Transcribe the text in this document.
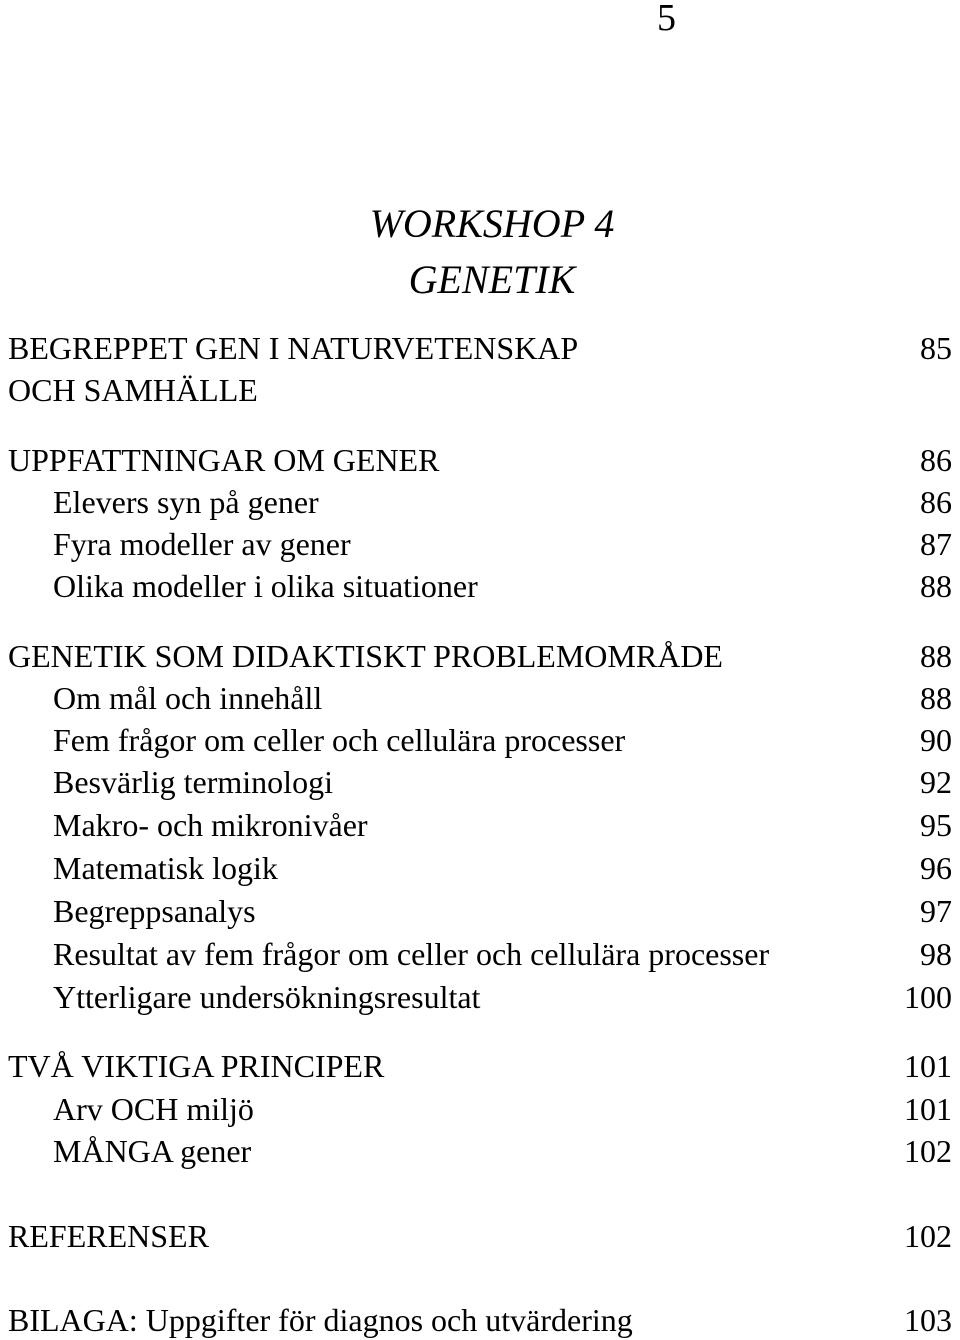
5
WORKSHOP 4
GENETIK
BEGREPPET GEN I NATURVETENSKAP	85
OCH SAMHÄLLE
UPPFATTNINGAR OM GENER	86
Elevers syn på gener	86
Fyra modeller av gener	87
Olika modeller i olika situationer	88
GENETIK SOM DIDAKTISKT PROBLEMOMRÅDE	88
Om mål och innehåll	88
Fem frågor om celler och cellulära processer	90
Besvärlig terminologi	92
Makro- och mikronivåer	95
Matematisk logik	96
Begreppsanalys	97
Resultat av fem frågor om celler och cellulära processer	98
Ytterligare undersökningsresultat	100
TVÅ VIKTIGA PRINCIPER	101
Arv OCH miljö	101
MÅNGA gener	102
REFERENSER	102
BILAGA: Uppgifter för diagnos och utvärdering	103
